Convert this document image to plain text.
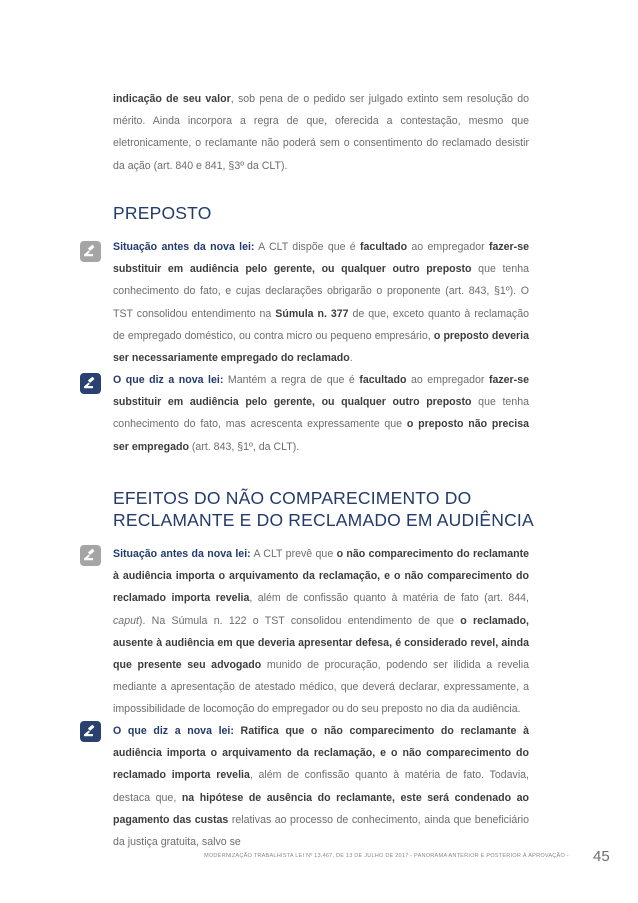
indicação de seu valor, sob pena de o pedido ser julgado extinto sem resolução do mérito. Ainda incorpora a regra de que, oferecida a contestação, mesmo que eletronicamente, o reclamante não poderá sem o consentimento do reclamado desistir da ação (art. 840 e 841, §3º da CLT).

PREPOSTO

Situação antes da nova lei: A CLT dispõe que é facultado ao empregador fazer-se substituir em audiência pelo gerente, ou qualquer outro preposto que tenha conhecimento do fato, e cujas declarações obrigarão o proponente (art. 843, §1º). O TST consolidou entendimento na Súmula n. 377 de que, exceto quanto à reclamação de empregado doméstico, ou contra micro ou pequeno empresário, o preposto deveria ser necessariamente empregado do reclamado.

O que diz a nova lei: Mantém a regra de que é facultado ao empregador fazer-se substituir em audiência pelo gerente, ou qualquer outro preposto que tenha conhecimento do fato, mas acrescenta expressamente que o preposto não precisa ser empregado (art. 843, §1º, da CLT).

EFEITOS DO NÃO COMPARECIMENTO DO
RECLAMANTE E DO RECLAMADO EM AUDIÊNCIA

Situação antes da nova lei: A CLT prevê que o não comparecimento do reclamante à audiência importa o arquivamento da reclamação, e o não comparecimento do reclamado importa revelia, além de confissão quanto à matéria de fato (art. 844, caput). Na Súmula n. 122 o TST consolidou entendimento de que o reclamado, ausente à audiência em que deveria apresentar defesa, é considerado revel, ainda que presente seu advogado munido de procuração, podendo ser ilidida a revelia mediante a apresentação de atestado médico, que deverá declarar, expressamente, a impossibilidade de locomoção do empregador ou do seu preposto no dia da audiência.

O que diz a nova lei: Ratifica que o não comparecimento do reclamante à audiência importa o arquivamento da reclamação, e o não comparecimento do reclamado importa revelia, além de confissão quanto à matéria de fato. Todavia, destaca que, na hipótese de ausência do reclamante, este será condenado ao pagamento das custas relativas ao processo de conhecimento, ainda que beneficiário da justiça gratuita, salvo se

MODERNIZAÇÃO TRABALHISTA LEI Nº 13.467, DE 13 DE JULHO DE 2017 - PANORAMA ANTERIOR E POSTERIOR À APROVAÇÃO - 45
